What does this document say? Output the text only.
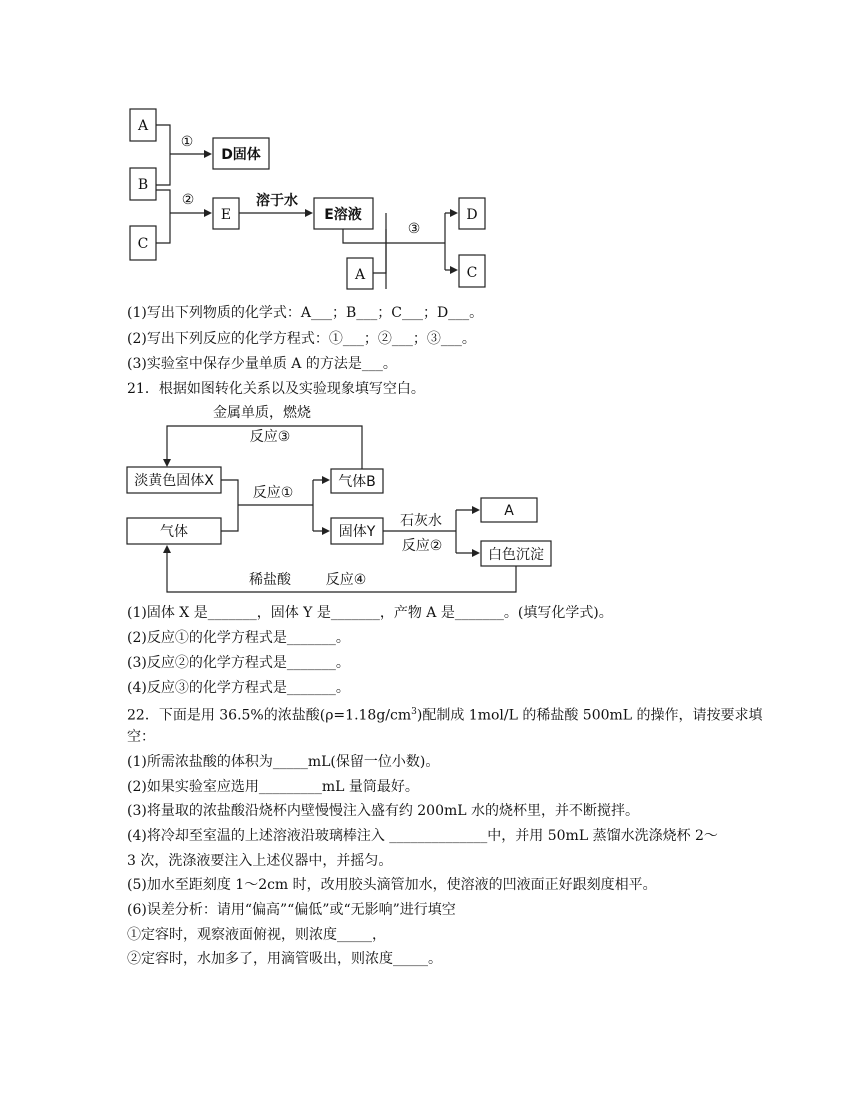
A
B
C
①
D固体
②
E
溶于水
E溶液
A
③
D
C
(1)写出下列物质的化学式：A___；B___；C___；D___。
(2)写出下列反应的化学方程式：①___；②___；③___。
(3)实验室中保存少量单质 A 的方法是___。
21．根据如图转化关系以及实验现象填写空白。
金属单质，燃烧
反应③
淡黄色固体X
气体
反应①
气体B
固体Y
石灰水
反应②
A
白色沉淀
稀盐酸 反应④
(1)固体 X 是_______，固体 Y 是_______，产物 A 是_______。(填写化学式)。
(2)反应①的化学方程式是_______。
(3)反应②的化学方程式是_______。
(4)反应③的化学方程式是_______。
22．下面是用 36.5%的浓盐酸$(\rho=1.18g/cm^3)$配制成 1mol/L 的稀盐酸 500mL 的操作，请按要求填
空：
(1)所需浓盐酸的体积为_____mL(保留一位小数)。
(2)如果实验室应选用_________mL 量筒最好。
(3)将量取的浓盐酸沿烧杯内壁慢慢注入盛有约 200mL 水的烧杯里，并不断搅拌。
(4)将冷却至室温的上述溶液沿玻璃棒注入 ______________中，并用 50mL 蒸馏水洗涤烧杯 2～
3 次，洗涤液要注入上述仪器中，并摇匀。
(5)加水至距刻度 1～2cm 时，改用胶头滴管加水，使溶液的凹液面正好跟刻度相平。
(6)误差分析：请用“偏高”“偏低”或“无影响”进行填空
①定容时，观察液面俯视，则浓度_____，
②定容时，水加多了，用滴管吸出，则浓度_____。
